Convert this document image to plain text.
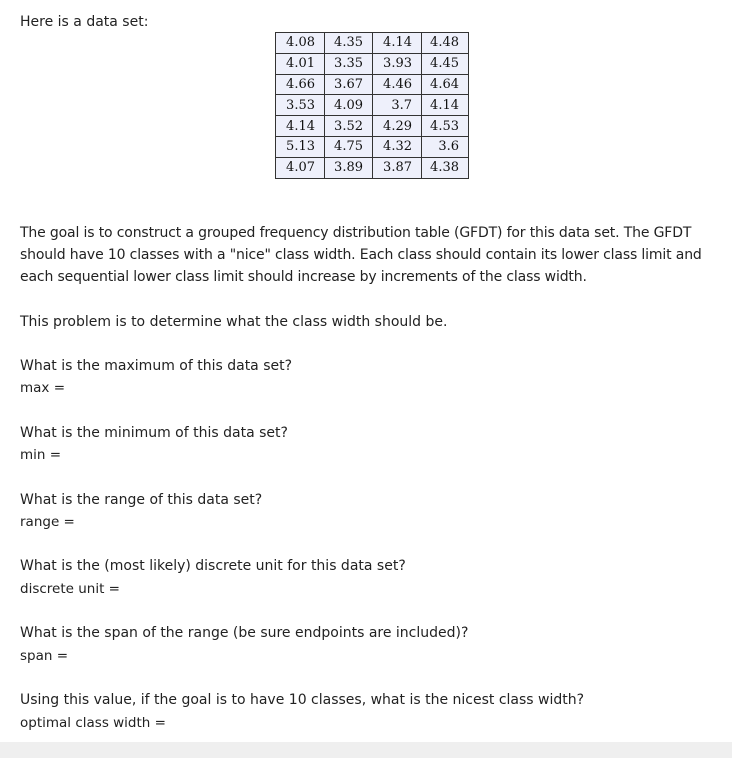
Here is a data set:

4.08	4.35	4.14	4.48
4.01	3.35	3.93	4.45
4.66	3.67	4.46	4.64
3.53	4.09	3.7	4.14
4.14	3.52	4.29	4.53
5.13	4.75	4.32	3.6
4.07	3.89	3.87	4.38

The goal is to construct a grouped frequency distribution table (GFDT) for this data set. The GFDT should have 10 classes with a "nice" class width. Each class should contain its lower class limit and each sequential lower class limit should increase by increments of the class width.

This problem is to determine what the class width should be.

What is the maximum of this data set?

max =

What is the minimum of this data set?

min =

What is the range of this data set?

range =

What is the (most likely) discrete unit for this data set?

discrete unit =

What is the span of the range (be sure endpoints are included)?

span =

Using this value, if the goal is to have 10 classes, what is the nicest class width?

optimal class width =
